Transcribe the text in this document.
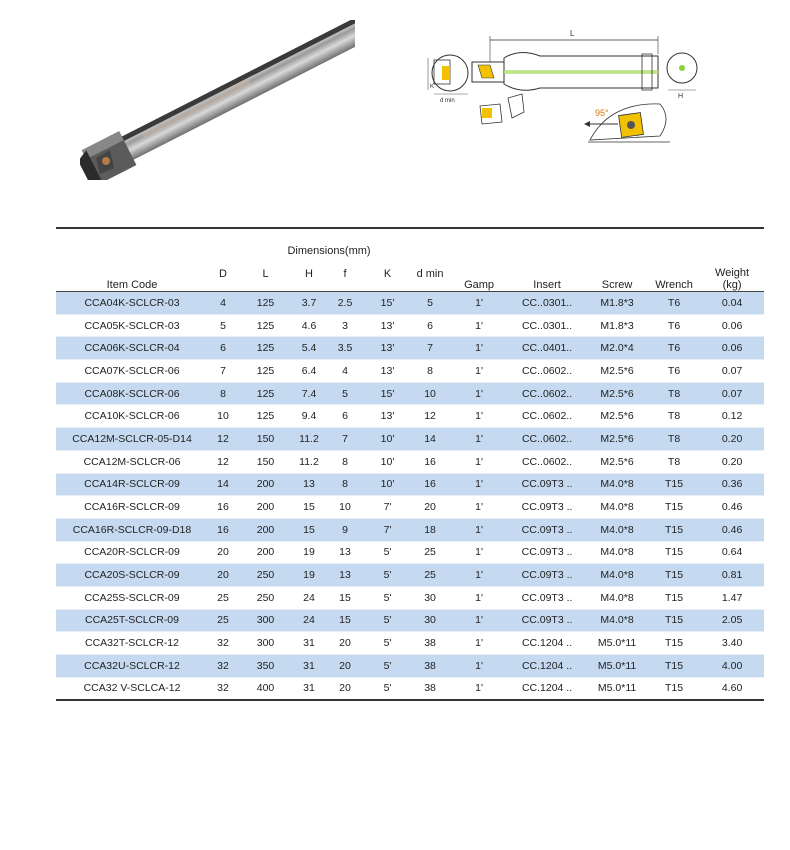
d min
K
L
H
95°
Item Code	Dimensions(mm)						Gamp	Insert	Screw	Wrench	Weight
(kg)
	D	L	H	f	K	d min					
CCA04K-SCLCR-03	4	125	3.7	2.5	15'	5	1'	CC..0301..	M1.8*3	T6	0.04
CCA05K-SCLCR-03	5	125	4.6	3	13'	6	1'	CC..0301..	M1.8*3	T6	0.06
CCA06K-SCLCR-04	6	125	5.4	3.5	13'	7	1'	CC..0401..	M2.0*4	T6	0.06
CCA07K-SCLCR-06	7	125	6.4	4	13'	8	1'	CC..0602..	M2.5*6	T6	0.07
CCA08K-SCLCR-06	8	125	7.4	5	15'	10	1'	CC..0602..	M2.5*6	T8	0.07
CCA10K-SCLCR-06	10	125	9.4	6	13'	12	1'	CC..0602..	M2.5*6	T8	0.12
CCA12M-SCLCR-05-D14	12	150	11.2	7	10'	14	1'	CC..0602..	M2.5*6	T8	0.20
CCA12M-SCLCR-06	12	150	11.2	8	10'	16	1'	CC..0602..	M2.5*6	T8	0.20
CCA14R-SCLCR-09	14	200	13	8	10'	16	1'	CC.09T3 ..	M4.0*8	T15	0.36
CCA16R-SCLCR-09	16	200	15	10	7'	20	1'	CC.09T3 ..	M4.0*8	T15	0.46
CCA16R-SCLCR-09-D18	16	200	15	9	7'	18	1'	CC.09T3 ..	M4.0*8	T15	0.46
CCA20R-SCLCR-09	20	200	19	13	5'	25	1'	CC.09T3 ..	M4.0*8	T15	0.64
CCA20S-SCLCR-09	20	250	19	13	5'	25	1'	CC.09T3 ..	M4.0*8	T15	0.81
CCA25S-SCLCR-09	25	250	24	15	5'	30	1'	CC.09T3 ..	M4.0*8	T15	1.47
CCA25T-SCLCR-09	25	300	24	15	5'	30	1'	CC.09T3 ..	M4.0*8	T15	2.05
CCA32T-SCLCR-12	32	300	31	20	5'	38	1'	CC.1204 ..	M5.0*11	T15	3.40
CCA32U-SCLCR-12	32	350	31	20	5'	38	1'	CC.1204 ..	M5.0*11	T15	4.00
CCA32 V-SCLCA-12	32	400	31	20	5'	38	1'	CC.1204 ..	M5.0*11	T15	4.60
